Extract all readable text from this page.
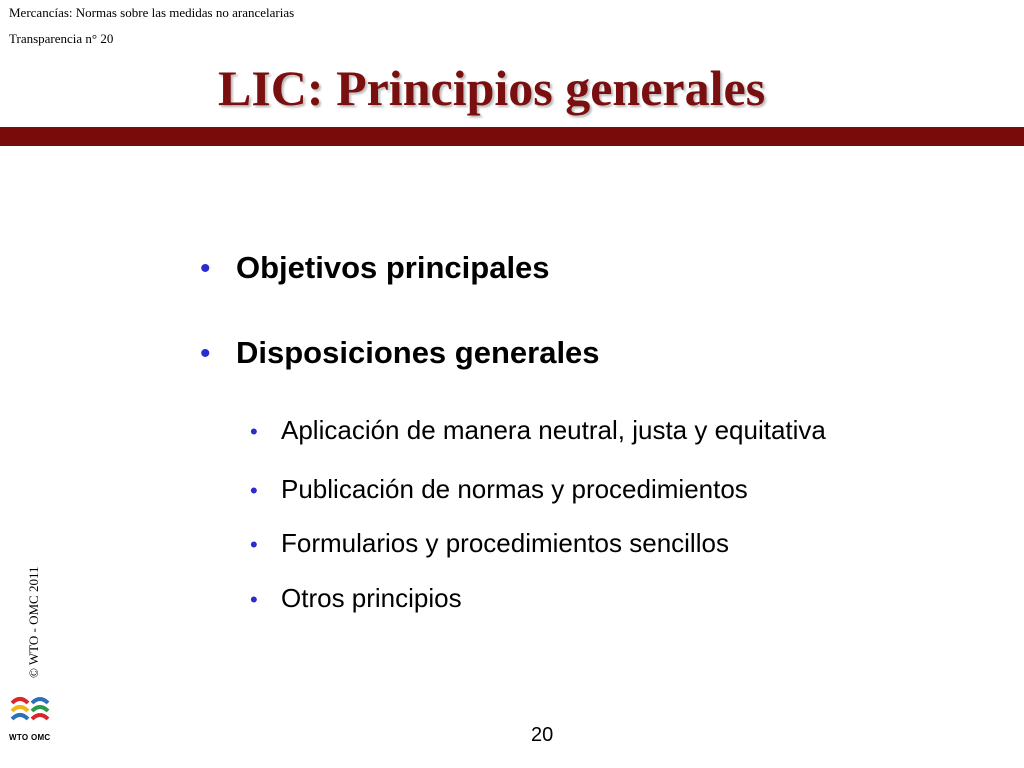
Mercancías: Normas sobre las medidas no arancelarias
Transparencia n° 20
LIC: Principios generales
• Objetivos principales
• Disposiciones generales
• Aplicación de manera neutral, justa y equitativa
• Publicación de normas y procedimientos
• Formularios y procedimientos sencillos
• Otros principios
© WTO - OMC 2011
WTO OMC	20
